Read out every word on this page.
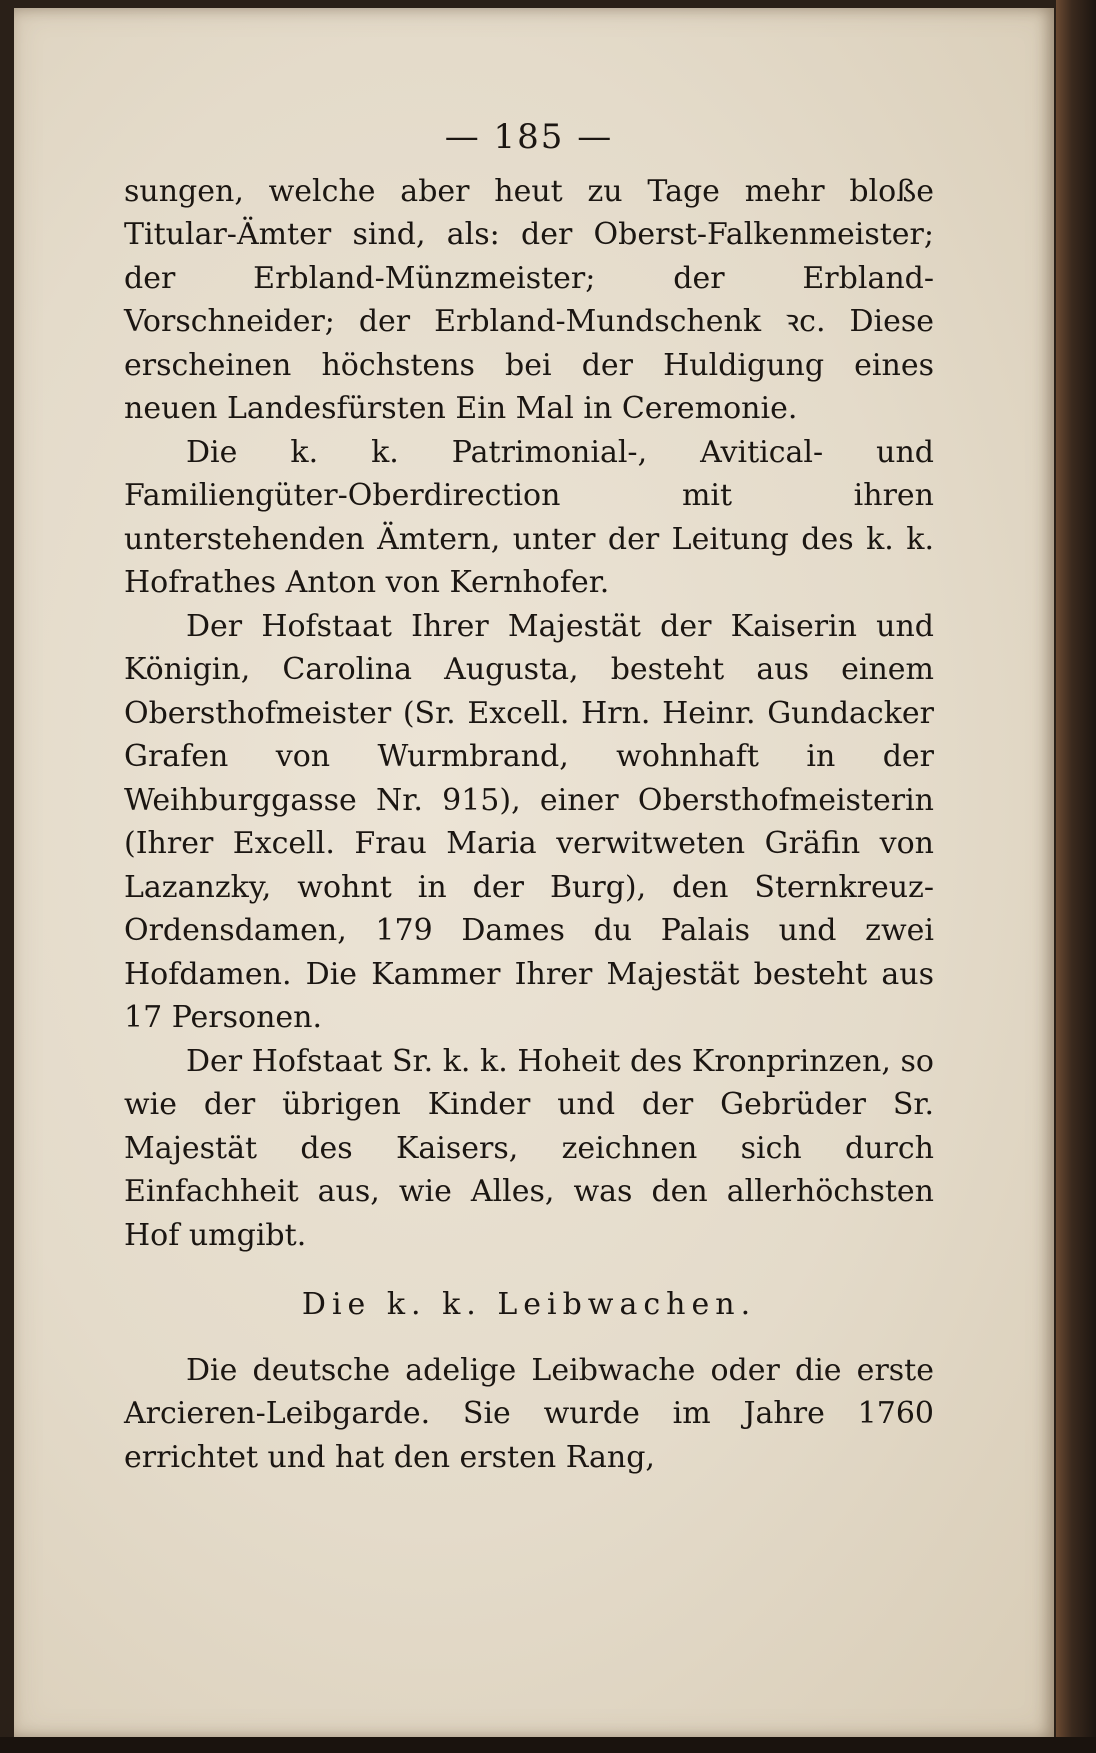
— 185 —

sungen, welche aber heut zu Tage mehr bloße Titular-Ämter sind, als: der Oberst-Falkenmeister; der Erbland-Münzmeister; der Erbland-Vorschneider; der Erbland-Mundschenk ꝛc. Diese erscheinen höchstens bei der Huldigung eines neuen Landesfürsten Ein Mal in Ceremonie.

Die k. k. Patrimonial-, Avitical- und Familiengüter-Oberdirection mit ihren unterstehenden Ämtern, unter der Leitung des k. k. Hofrathes Anton von Kernhofer.

Der Hofstaat Ihrer Majestät der Kaiserin und Königin, Carolina Augusta, besteht aus einem Obersthofmeister (Sr. Excell. Hrn. Heinr. Gundacker Grafen von Wurmbrand, wohnhaft in der Weihburggasse Nr. 915), einer Obersthofmeisterin (Ihrer Excell. Frau Maria verwitweten Gräfin von Lazanzky, wohnt in der Burg), den Sternkreuz-Ordensdamen, 179 Dames du Palais und zwei Hofdamen. Die Kammer Ihrer Majestät besteht aus 17 Personen.

Der Hofstaat Sr. k. k. Hoheit des Kronprinzen, so wie der übrigen Kinder und der Gebrüder Sr. Majestät des Kaisers, zeichnen sich durch Einfachheit aus, wie Alles, was den allerhöchsten Hof umgibt.

Die k. k. Leibwachen.

Die deutsche adelige Leibwache oder die erste Arcieren-Leibgarde. Sie wurde im Jahre 1760 errichtet und hat den ersten Rang,
